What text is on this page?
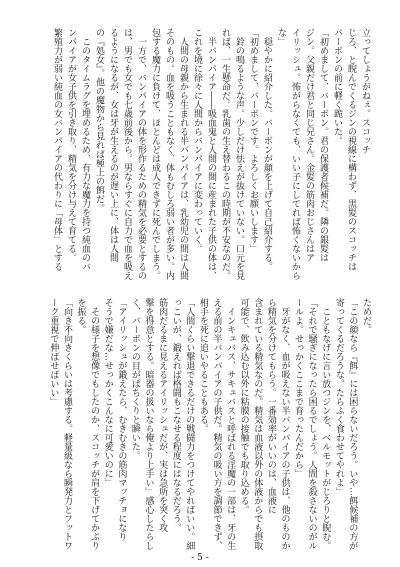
立ってしょうがねぇ。スコッチ
じろ、と睨んでくるジンの視線に構わず、黒髪のスコッチは
バーボンの前に軽く跪いた。
「初めまして、バーボン。君の保護者候補だ。隣の銀髪は
ジン。父親だけ君と同じ兄さん。金髪の筋肉おじさんはア
イリッシュ。怖がらなくても、いい子にしてれば怖くないから
な」
　穏やかに紹介した。バーボンが顔を上げて自己紹介する。
「初めまして、バーボンです。よろしくお願いします」
　鈴の鳴るような声。少しだけ怯えが抜けていない。口元を見
れば、一生懸命だ。乳歯の生え替わるこの時期が不安なのだ。
　半バンパイア――吸血鬼と人間の間に産まれた子供の体は、
これを境に徐々に人間からバンパイアに変わっていく。
　人間の母親から生まれる半バンパイアは、乳幼児の間は人間
そのもの。血を吸うこともなく、体もむしろ弱い者が多い。内
包する魔力に負けて、ほとんどは成人できずに死んでしまう。
　一方で、バンパイアの体を形作るための精気を必要とするの
は、男でも女でも七歳前後から。男ならすぐに自力で血を吸え
るようになるが、女は牙が生えるのが遅い上に、体は人間
の『処女』。他の魔物から見れば極上の餌だ。
　このタイムラグを埋めるため、有力な魔力を持つ純血のバ
ンパイアが女子供を引き取り、精気を分け与えて育てる。
繁殖力が弱い純血の女バンパイアの代わりに「母体」とする
ためだ。
「この顔なら『餌』には困らないだろう。いや…餌候補の方が
寄ってくるだろうな。たらふく食わせてやれよ」
　こともなげに言い放つジンを、ベルモットがじろりと睨む。
「それで騒ぎになったら困るでしょう。人間を殺さないのがル
ールよ。せっかくここまで育ったんだから」
　牙がなく、血が吸えない半バンパイアの子供は、他のものか
ら精気を分けてもらう。一番効率がいいのは、血液に
含まれている精気なのだ。精気は血液以外の体液からでも摂取
可能で、飲み込む以外に粘膜の接触でも取り込める。
　インキュバス、サキュバスと呼ばれる淫魔の一部は、牙の生
える前の半バンパイアの子供だ。精気の吸い方を調節できず、
相手を死に追いやることもある。
「人間くらい撃退できるだけの戦闘力をつけてやればいい。細
っこいが、鍛えれば格闘もこなせる程度にはなるだろう。
筋肉だるまに見えるアイリッシュだが、実は急所を突く攻
撃を得意とする。暗器の扱いなら俺より上手い」感心したらし
く、バーボンの目がぱちくりと瞬いた。
「アイリッシュが鍛えたら、むきむきの筋肉マッチョになり
そうで嫌だな…せっかくこんなに可愛いのに」
　その様子を想像でもしたのか、スコッチが肩を下げてかぶり
を振る。
「向き不向きくらいは考慮する。軽量級なら瞬発力とフットワ
ーク重視で伸ばせばいい」
- 5 -
